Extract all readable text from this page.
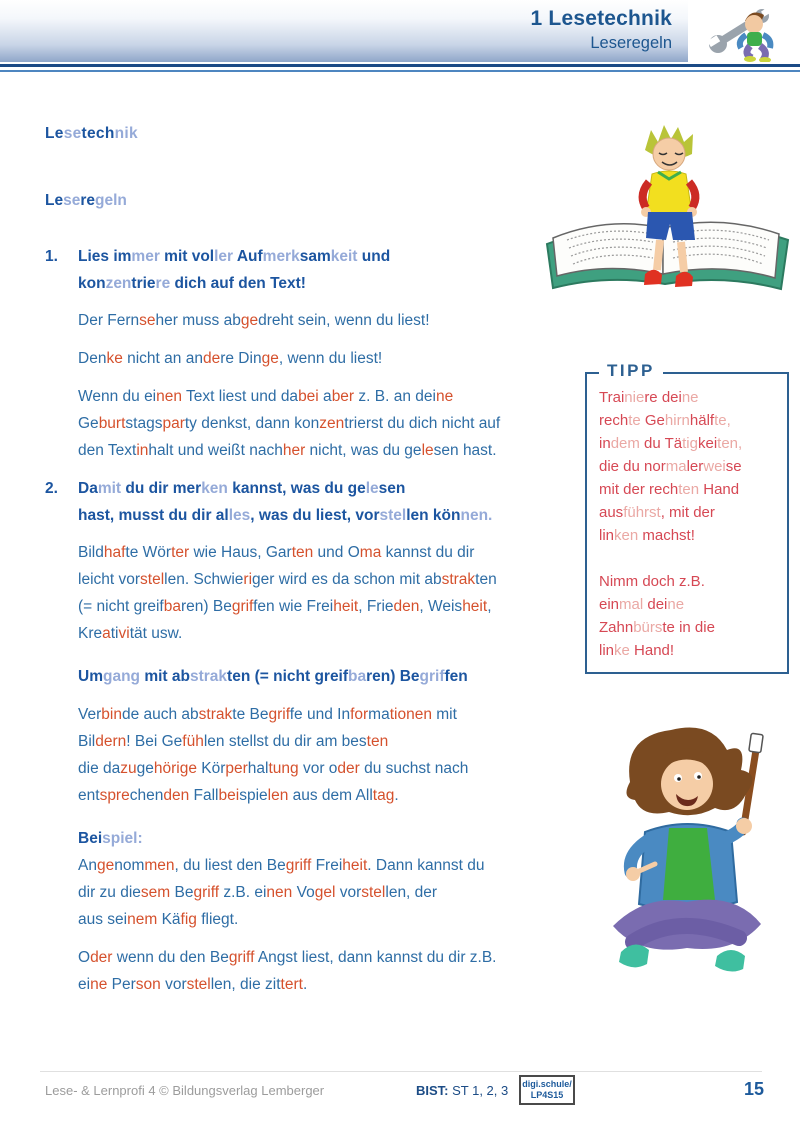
1 Lesetechnik
Leseregeln
Lesetechnik
Leseregeln
1.	Lies immer mit voller Aufmerksamkeit und
konzentriere dich auf den Text!
Der Fernseher muss abgedreht sein, wenn du liest!
Denke nicht an andere Dinge, wenn du liest!
Wenn du einen Text liest und dabei aber z. B. an deine
Geburtstagsparty denkst, dann konzentrierst du dich nicht auf
den Textinhalt und weißt nachher nicht, was du gelesen hast.
2.	Damit du dir merken kannst, was du gelesen
hast, musst du dir alles, was du liest, vorstellen können.
Bildhafte Wörter wie Haus, Garten und Oma kannst du dir
leicht vorstellen. Schwieriger wird es da schon mit abstrakten
(= nicht greifbaren) Begriffen wie Freiheit, Frieden, Weisheit,
Kreativität usw.
Umgang mit abstrakten (= nicht greifbaren) Begriffen
Verbinde auch abstrakte Begriffe und Informationen mit
Bildern! Bei Gefühlen stellst du dir am besten
die dazugehörige Körperhaltung vor oder du suchst nach
entsprechenden Fallbeispielen aus dem Alltag.
Beispiel:
Angenommen, du liest den Begriff Freiheit. Dann kannst du
dir zu diesem Begriff z.B. einen Vogel vorstellen, der
aus seinem Käfig fliegt.
Oder wenn du den Begriff Angst liest, dann kannst du dir z.B.
eine Person vorstellen, die zittert.
TIPP
Trainiere deine
rechte Gehirnhälfte,
indem du Tätigkeiten,
die du normalerweise
mit der rechten Hand
ausführst, mit der
linken machst!

Nimm doch z.B.
einmal deine
Zahnbürste in die
linke Hand!
Lese- & Lernprofi 4 © Bildungsverlag Lemberger	BIST: ST 1, 2, 3 digi.schule/
LP4S15	15
